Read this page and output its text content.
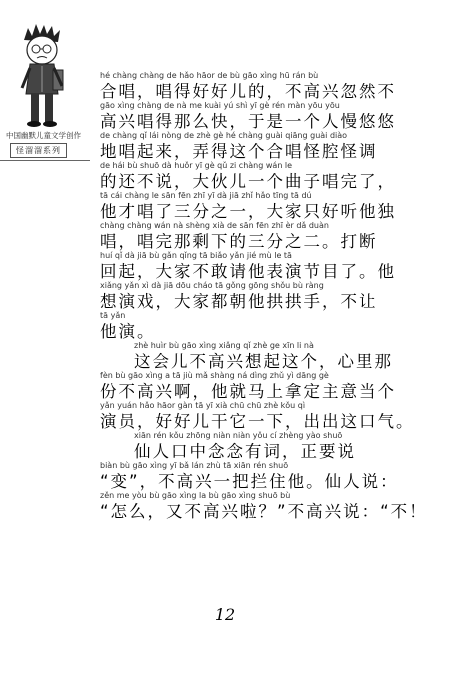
中国幽默儿童文学创作
怪溜溜系列
hé chàng chàng de hǎo hāor de bù gāo xìng hū rán bù
合唱，唱得好好儿的，不高兴忽然不
gāo xìng chàng de nà me kuài yú shì yī gè rén màn yōu yōu
高兴唱得那么快，于是一个人慢悠悠
de chàng qǐ lái nòng de zhè gè hé chàng guài qiāng guài diào
地唱起来，弄得这个合唱怪腔怪调
de hái bù shuō dà huǒr yī gè qǔ zi chàng wán le
的还不说，大伙儿一个曲子唱完了，
tā cái chàng le sān fēn zhī yī dà jiā zhǐ hǎo tīng tā dú
他才唱了三分之一，大家只好听他独
chàng chàng wán nà shèng xià de sān fēn zhī èr dǎ duàn
唱，唱完那剩下的三分之二。打断
huí qǐ dà jiā bù gǎn qǐng tā biǎo yǎn jié mù le tā
回起，大家不敢请他表演节目了。他
xiǎng yǎn xì dà jiā dōu cháo tā gǒng gōng shǒu bù ràng
想演戏，大家都朝他拱拱手，不让
tā yǎn
他演。
zhè huìr bù gāo xìng xiǎng qǐ zhè ge xīn li nà
这会儿不高兴想起这个，心里那
fèn bù gāo xìng a tā jiù mǎ shàng ná dìng zhǔ yì dāng gè
份不高兴啊，他就马上拿定主意当个
yǎn yuán hǎo hāor gàn tā yī xià chū chū zhè kǒu qì
演员，好好儿干它一下，出出这口气。
xiān rén kǒu zhōng niàn niàn yǒu cí zhèng yào shuō
仙人口中念念有词，正要说
biàn bù gāo xìng yī bǎ lán zhù tā xiān rén shuō
“变”，不高兴一把拦住他。仙人说：
zěn me yòu bù gāo xìng la bù gāo xìng shuō bù
“怎么，又不高兴啦？”不高兴说：“不！
12
